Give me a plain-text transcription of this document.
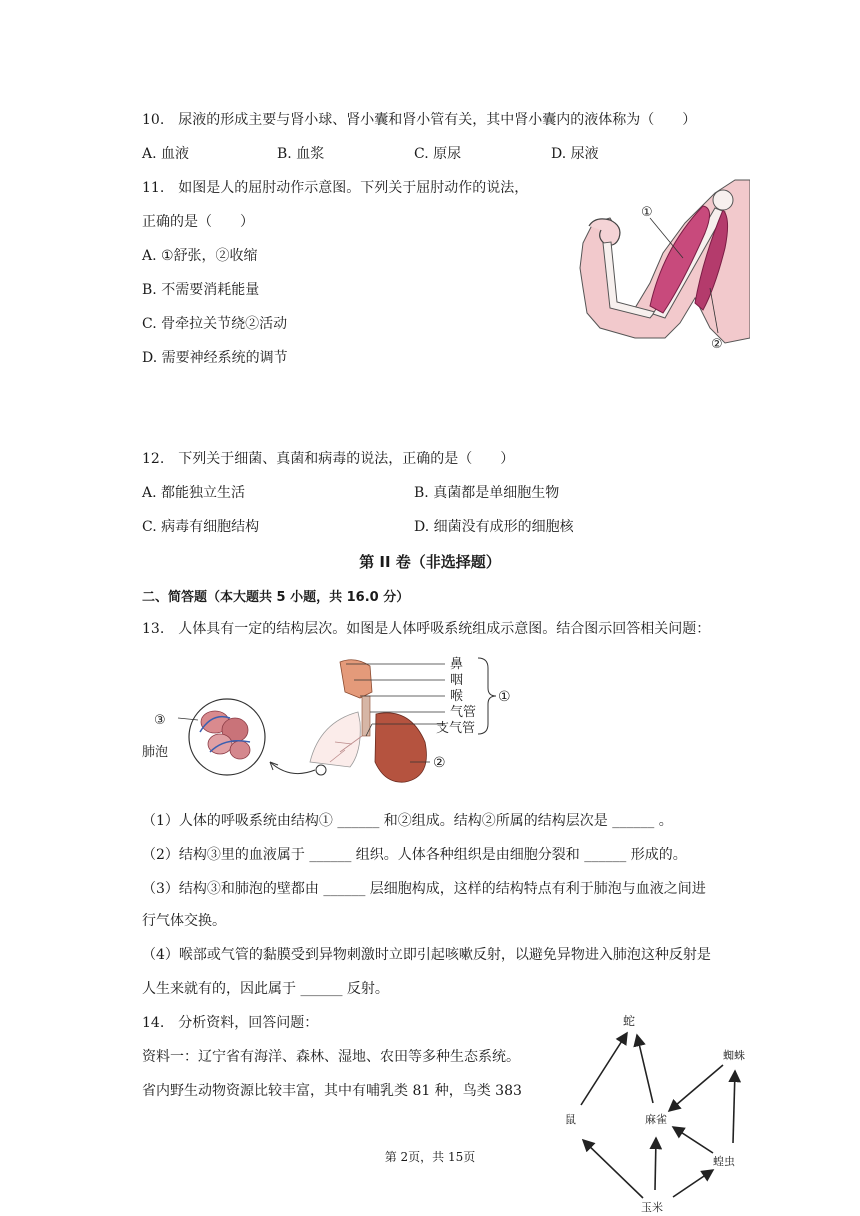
10.　尿液的形成主要与肾小球、肾小囊和肾小管有关，其中肾小囊内的液体称为（　　）
A. 血液	B. 血浆	C. 原尿	D. 尿液
11.　如图是人的屈肘动作示意图。下列关于屈肘动作的说法，
正确的是（　　）
A. ①舒张，②收缩
B. 不需要消耗能量
C. 骨牵拉关节绕②活动
D. 需要神经系统的调节
①
②
12.　下列关于细菌、真菌和病毒的说法，正确的是（　　）
A. 都能独立生活	B. 真菌都是单细胞生物
C. 病毒有细胞结构	D. 细菌没有成形的细胞核
第 II 卷（非选择题）
二、简答题（本大题共 5 小题，共 16.0 分）
13.　人体具有一定的结构层次。如图是人体呼吸系统组成示意图。结合图示回答相关问题：
③
肺泡
鼻
咽
喉
气管
支气管
①
②
（1）人体的呼吸系统由结构① ______ 和②组成。结构②所属的结构层次是 ______ 。
（2）结构③里的血液属于 ______ 组织。人体各种组织是由细胞分裂和 ______ 形成的。
（3）结构③和肺泡的壁都由 ______ 层细胞构成，这样的结构特点有利于肺泡与血液之间进
行气体交换。
（4）喉部或气管的黏膜受到异物刺激时立即引起咳嗽反射，以避免异物进入肺泡这种反射是
人生来就有的，因此属于 ______ 反射。
14.　分析资料，回答问题：
资料一：辽宁省有海洋、森林、湿地、农田等多种生态系统。
省内野生动物资源比较丰富，其中有哺乳类 81 种，鸟类 383
蛇
蜘蛛
鼠	麻雀
蝗虫
玉米
第 2页，共 15页
